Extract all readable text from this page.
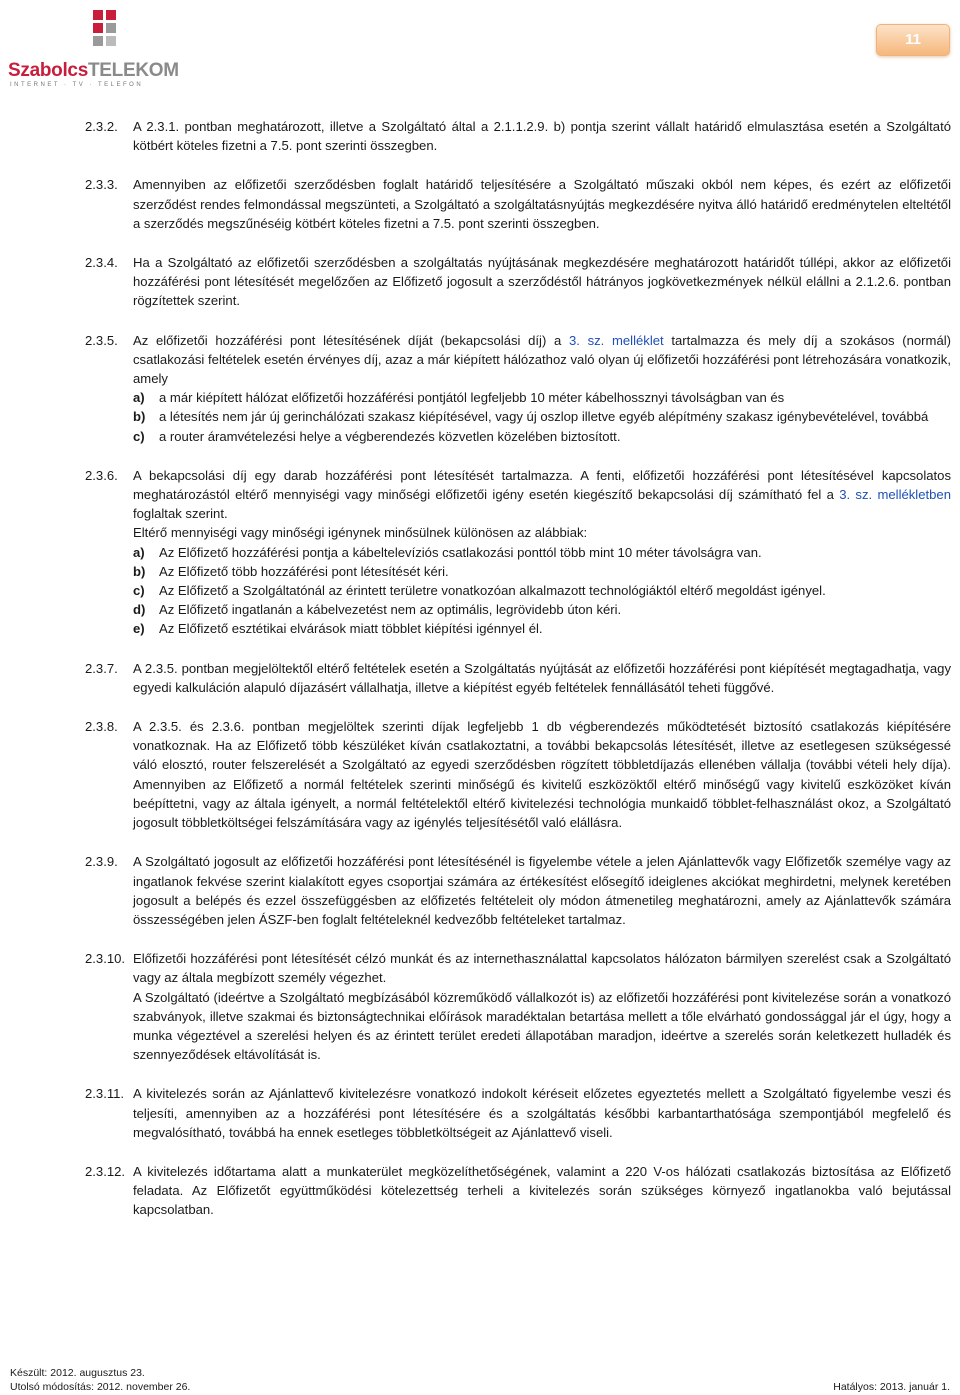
SzabolcsTELEKOM
INTERNET · TV · TELEFON
11
2.3.2. A 2.3.1. pontban meghatározott, illetve a Szolgáltató által a 2.1.1.2.9. b) pontja szerint vállalt határidő elmulasztása esetén a Szolgáltató kötbért köteles fizetni a 7.5. pont szerinti összegben.
2.3.3. Amennyiben az előfizetői szerződésben foglalt határidő teljesítésére a Szolgáltató műszaki okból nem képes, és ezért az előfizetői szerződést rendes felmondással megszünteti, a Szolgáltató a szolgáltatásnyújtás megkezdésére nyitva álló határidő eredménytelen elteltétől a szerződés megszűnéséig kötbért köteles fizetni a 7.5. pont szerinti összegben.
2.3.4. Ha a Szolgáltató az előfizetői szerződésben a szolgáltatás nyújtásának megkezdésére meghatározott határidőt túllépi, akkor az előfizetői hozzáférési pont létesítését megelőzően az Előfizető jogosult a szerződéstől hátrányos jogkövetkezmények nélkül elállni a 2.1.2.6. pontban rögzítettek szerint.
2.3.5. Az előfizetői hozzáférési pont létesítésének díját (bekapcsolási díj) a 3. sz. melléklet tartalmazza és mely díj a szokásos (normál) csatlakozási feltételek esetén érvényes díj, azaz a már kiépített hálózathoz való olyan új előfizetői hozzáférési pont létrehozására vonatkozik, amely
a) a már kiépített hálózat előfizetői hozzáférési pontjától legfeljebb 10 méter kábelhossznyi távolságban van és
b) a létesítés nem jár új gerinchálózati szakasz kiépítésével, vagy új oszlop illetve egyéb alépítmény szakasz igénybevételével, továbbá
c) a router áramvételezési helye a végberendezés közvetlen közelében biztosított.
2.3.6. A bekapcsolási díj egy darab hozzáférési pont létesítését tartalmazza. A fenti, előfizetői hozzáférési pont létesítésével kapcsolatos meghatározástól eltérő mennyiségi vagy minőségi előfizetői igény esetén kiegészítő bekapcsolási díj számítható fel a 3. sz. mellékletben foglaltak szerint.
Eltérő mennyiségi vagy minőségi igénynek minősülnek különösen az alábbiak:
a) Az Előfizető hozzáférési pontja a kábeltelevíziós csatlakozási ponttól több mint 10 méter távolságra van.
b) Az Előfizető több hozzáférési pont létesítését kéri.
c) Az Előfizető a Szolgáltatónál az érintett területre vonatkozóan alkalmazott technológiáktól eltérő megoldást igényel.
d) Az Előfizető ingatlanán a kábelvezetést nem az optimális, legrövidebb úton kéri.
e) Az Előfizető esztétikai elvárások miatt többlet kiépítési igénnyel él.
2.3.7. A 2.3.5. pontban megjelöltektől eltérő feltételek esetén a Szolgáltatás nyújtását az előfizetői hozzáférési pont kiépítését megtagadhatja, vagy egyedi kalkuláción alapuló díjazásért vállalhatja, illetve a kiépítést egyéb feltételek fennállásától teheti függővé.
2.3.8. A 2.3.5. és 2.3.6. pontban megjelöltek szerinti díjak legfeljebb 1 db végberendezés működtetését biztosító csatlakozás kiépítésére vonatkoznak. Ha az Előfizető több készüléket kíván csatlakoztatni, a további bekapcsolás létesítését, illetve az esetlegesen szükségessé váló elosztó, router felszerelését a Szolgáltató az egyedi szerződésben rögzített többletdíjazás ellenében vállalja (további vételi hely díja). Amennyiben az Előfizető a normál feltételek szerinti minőségű és kivitelű eszközöktől eltérő minőségű vagy kivitelű eszközöket kíván beépíttetni, vagy az általa igényelt, a normál feltételektől eltérő kivitelezési technológia munkaidő többlet-felhasználást okoz, a Szolgáltató jogosult többletköltségei felszámítására vagy az igénylés teljesítésétől való elállásra.
2.3.9. A Szolgáltató jogosult az előfizetői hozzáférési pont létesítésénél is figyelembe vétele a jelen Ajánlattevők vagy Előfizetők személye vagy az ingatlanok fekvése szerint kialakított egyes csoportjai számára az értékesítést elősegítő ideiglenes akciókat meghirdetni, melynek keretében jogosult a belépés és ezzel összefüggésben az előfizetés feltételeit oly módon átmenetileg meghatározni, amely az Ajánlattevők számára összességében jelen ÁSZF-ben foglalt feltételeknél kedvezőbb feltételeket tartalmaz.
2.3.10. Előfizetői hozzáférési pont létesítését célzó munkát és az internethasználattal kapcsolatos hálózaton bármilyen szerelést csak a Szolgáltató vagy az általa megbízott személy végezhet.
A Szolgáltató (ideértve a Szolgáltató megbízásából közreműködő vállalkozót is) az előfizetői hozzáférési pont kivitelezése során a vonatkozó szabványok, illetve szakmai és biztonságtechnikai előírások maradéktalan betartása mellett a tőle elvárható gondossággal jár el úgy, hogy a munka végeztével a szerelési helyen és az érintett terület eredeti állapotában maradjon, ideértve a szerelés során keletkezett hulladék és szennyeződések eltávolítását is.
2.3.11. A kivitelezés során az Ajánlattevő kivitelezésre vonatkozó indokolt kéréseit előzetes egyeztetés mellett a Szolgáltató figyelembe veszi és teljesíti, amennyiben az a hozzáférési pont létesítésére és a szolgáltatás későbbi karbantarthatósága szempontjából megfelelő és megvalósítható, továbbá ha ennek esetleges többletköltségeit az Ajánlattevő viseli.
2.3.12. A kivitelezés időtartama alatt a munkaterület megközelíthetőségének, valamint a 220 V-os hálózati csatlakozás biztosítása az Előfizető feladata. Az Előfizetőt együttműködési kötelezettség terheli a kivitelezés során szükséges környező ingatlanokba való bejutással kapcsolatban.
Készült: 2012. augusztus 23.
Utolsó módosítás: 2012. november 26.	Hatályos: 2013. január 1.
